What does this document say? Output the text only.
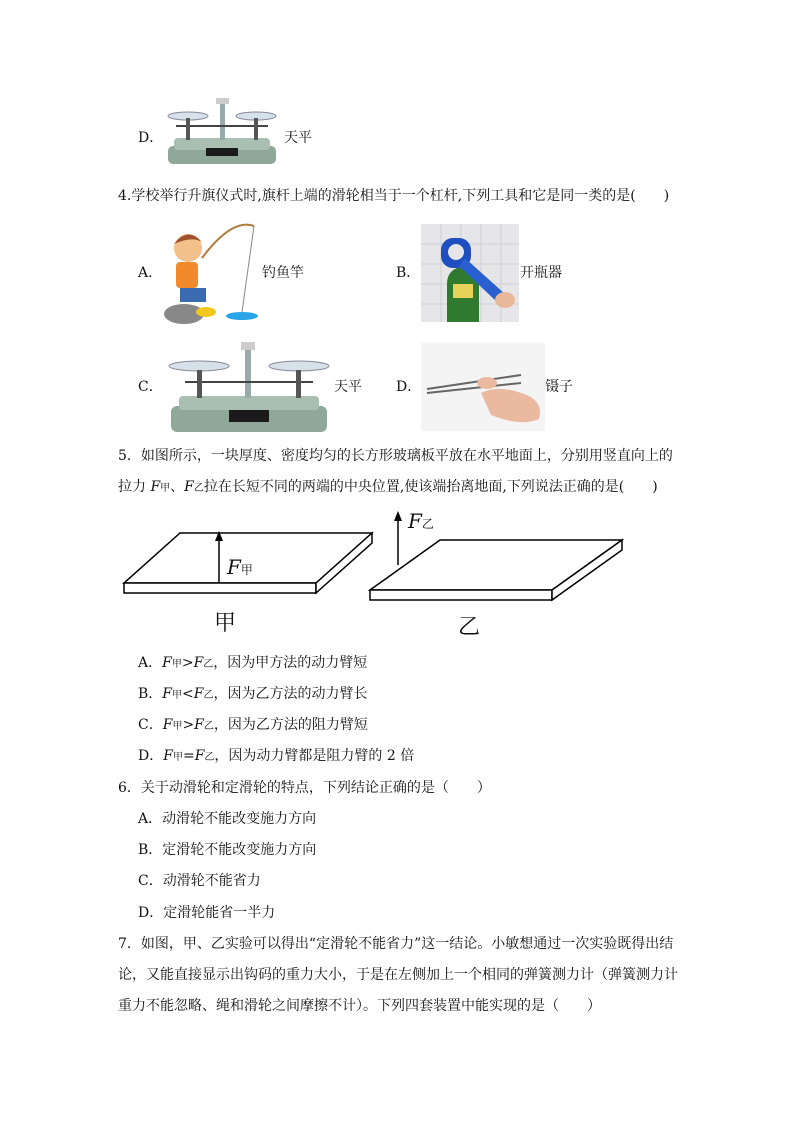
D．	天平
4.学校举行升旗仪式时,旗杆上端的滑轮相当于一个杠杆,下列工具和它是同一类的是(　　)
A．	钓鱼竿	B．	开瓶器
C．	天平 D．	镊子
5．如图所示，一块厚度、密度均匀的长方形玻璃板平放在水平地面上，分别用竖直向上的
拉力 F甲、F乙拉在长短不同的两端的中央位置,使该端抬离地面,下列说法正确的是(　　)
F甲
F乙
甲	乙
A．F甲>F乙，因为甲方法的动力臂短
B．F甲<F乙，因为乙方法的动力臂长
C．F甲>F乙，因为乙方法的阻力臂短
D．F甲=F乙，因为动力臂都是阻力臂的 2 倍
6．关于动滑轮和定滑轮的特点，下列结论正确的是（　　）
A．动滑轮不能改变施力方向
B．定滑轮不能改变施力方向
C．动滑轮不能省力
D．定滑轮能省一半力
7．如图，甲、乙实验可以得出“定滑轮不能省力”这一结论。小敏想通过一次实验既得出结
论，又能直接显示出钩码的重力大小，于是在左侧加上一个相同的弹簧测力计（弹簧测力计
重力不能忽略、绳和滑轮之间摩擦不计）。下列四套装置中能实现的是（　　）
